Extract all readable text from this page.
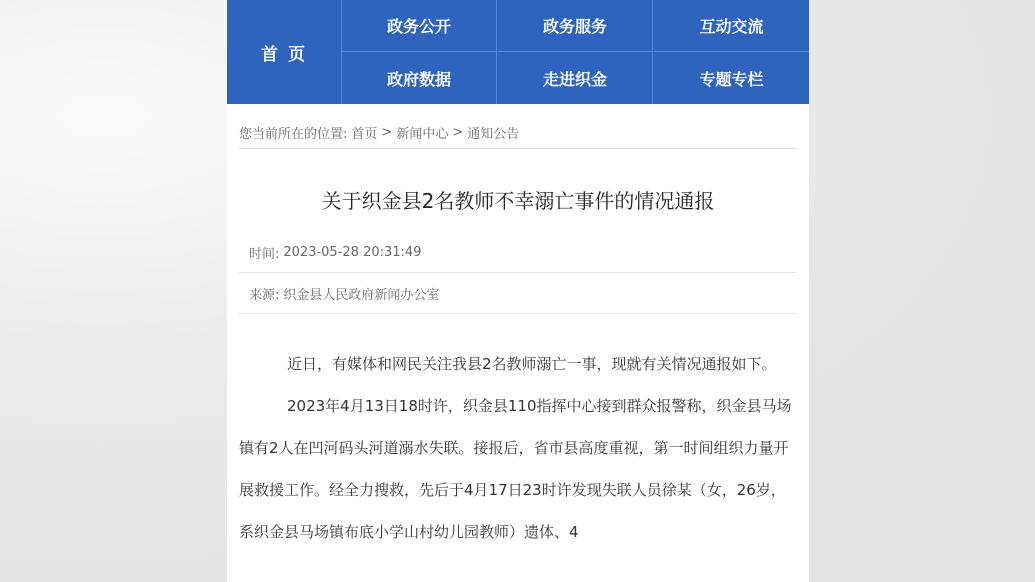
首 页
政务公开	政务服务	互动交流
政府数据	走进织金	专题专栏
您当前所在的位置: 首页 > 新闻中心 > 通知公告
关于织金县2名教师不幸溺亡事件的情况通报
时间: 2023-05-28 20:31:49
来源: 织金县人民政府新闻办公室

近日，有媒体和网民关注我县2名教师溺亡一事，现就有关情况通报如下。

2023年4月13日18时许，织金县110指挥中心接到群众报警称，织金县马场镇有2人在凹河码头河道溺水失联。接报后，省市县高度重视，第一时间组织力量开展救援工作。经全力搜救，先后于4月17日23时许发现失联人员徐某（女，26岁，系织金县马场镇布底小学山村幼儿园教师）遗体、4
